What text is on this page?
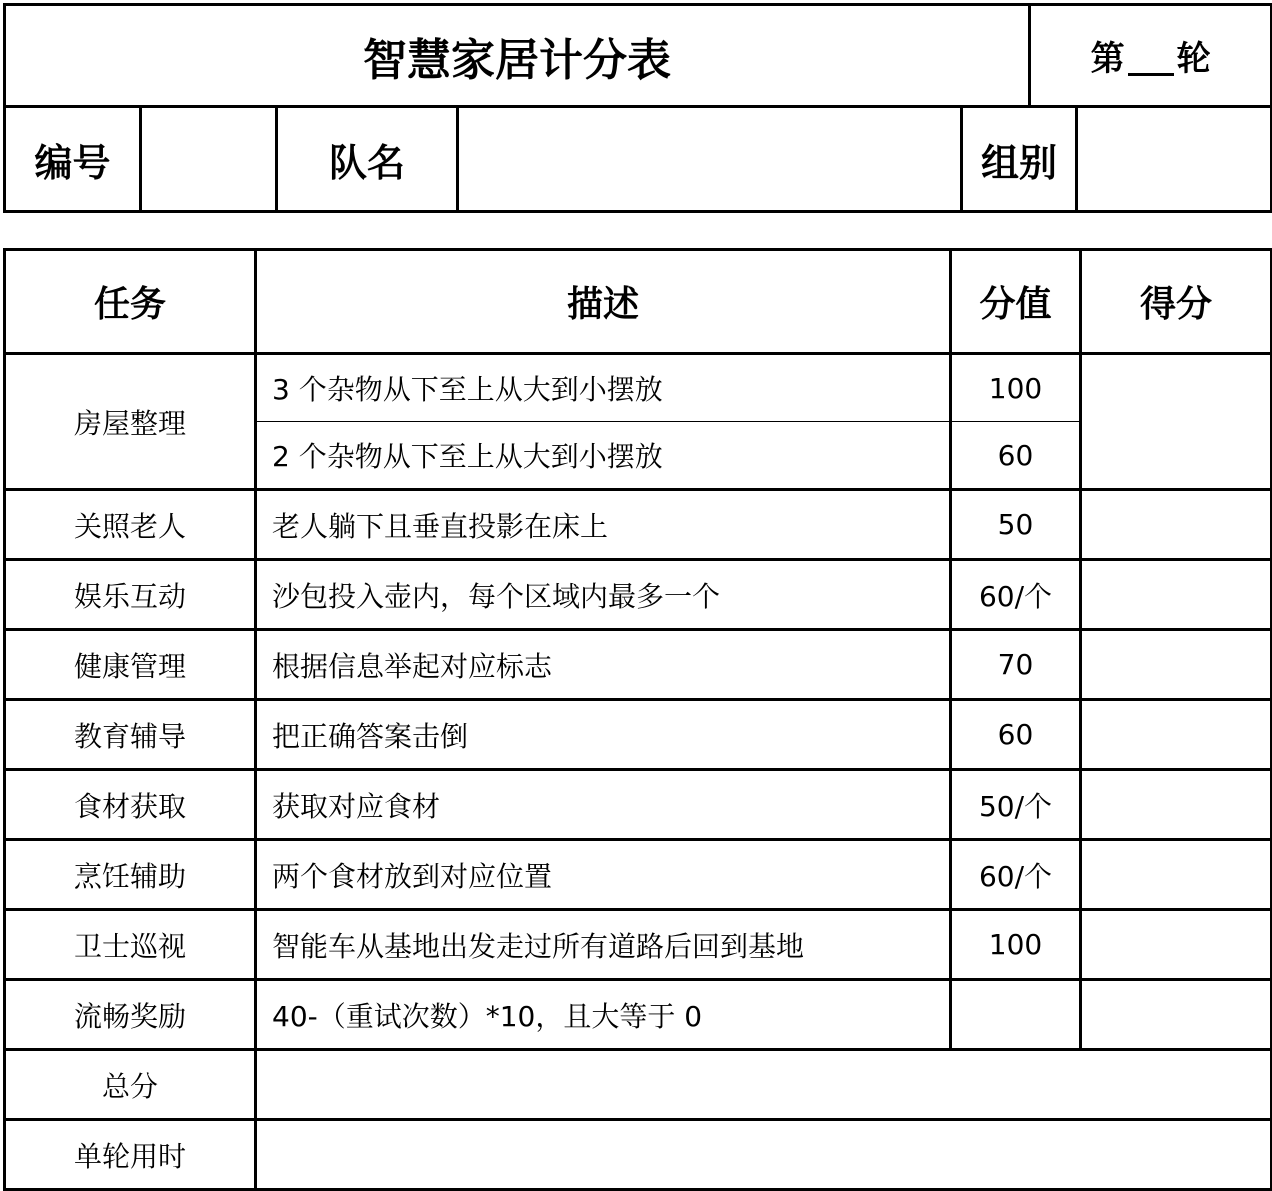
智慧家居计分表					第 轮	
编号		队名		组别		
任务	描述	分值	得分
房屋整理	3 个杂物从下至上从大到小摆放	100	
	2 个杂物从下至上从大到小摆放	60	
关照老人	老人躺下且垂直投影在床上	50	
娱乐互动	沙包投入壶内，每个区域内最多一个	60/个	
健康管理	根据信息举起对应标志	70	
教育辅导	把正确答案击倒	60	
食材获取	获取对应食材	50/个	
烹饪辅助	两个食材放到对应位置	60/个	
卫士巡视	智能车从基地出发走过所有道路后回到基地	100	
流畅奖励	40-（重试次数）*10，且大等于 0		
总分			
单轮用时			
